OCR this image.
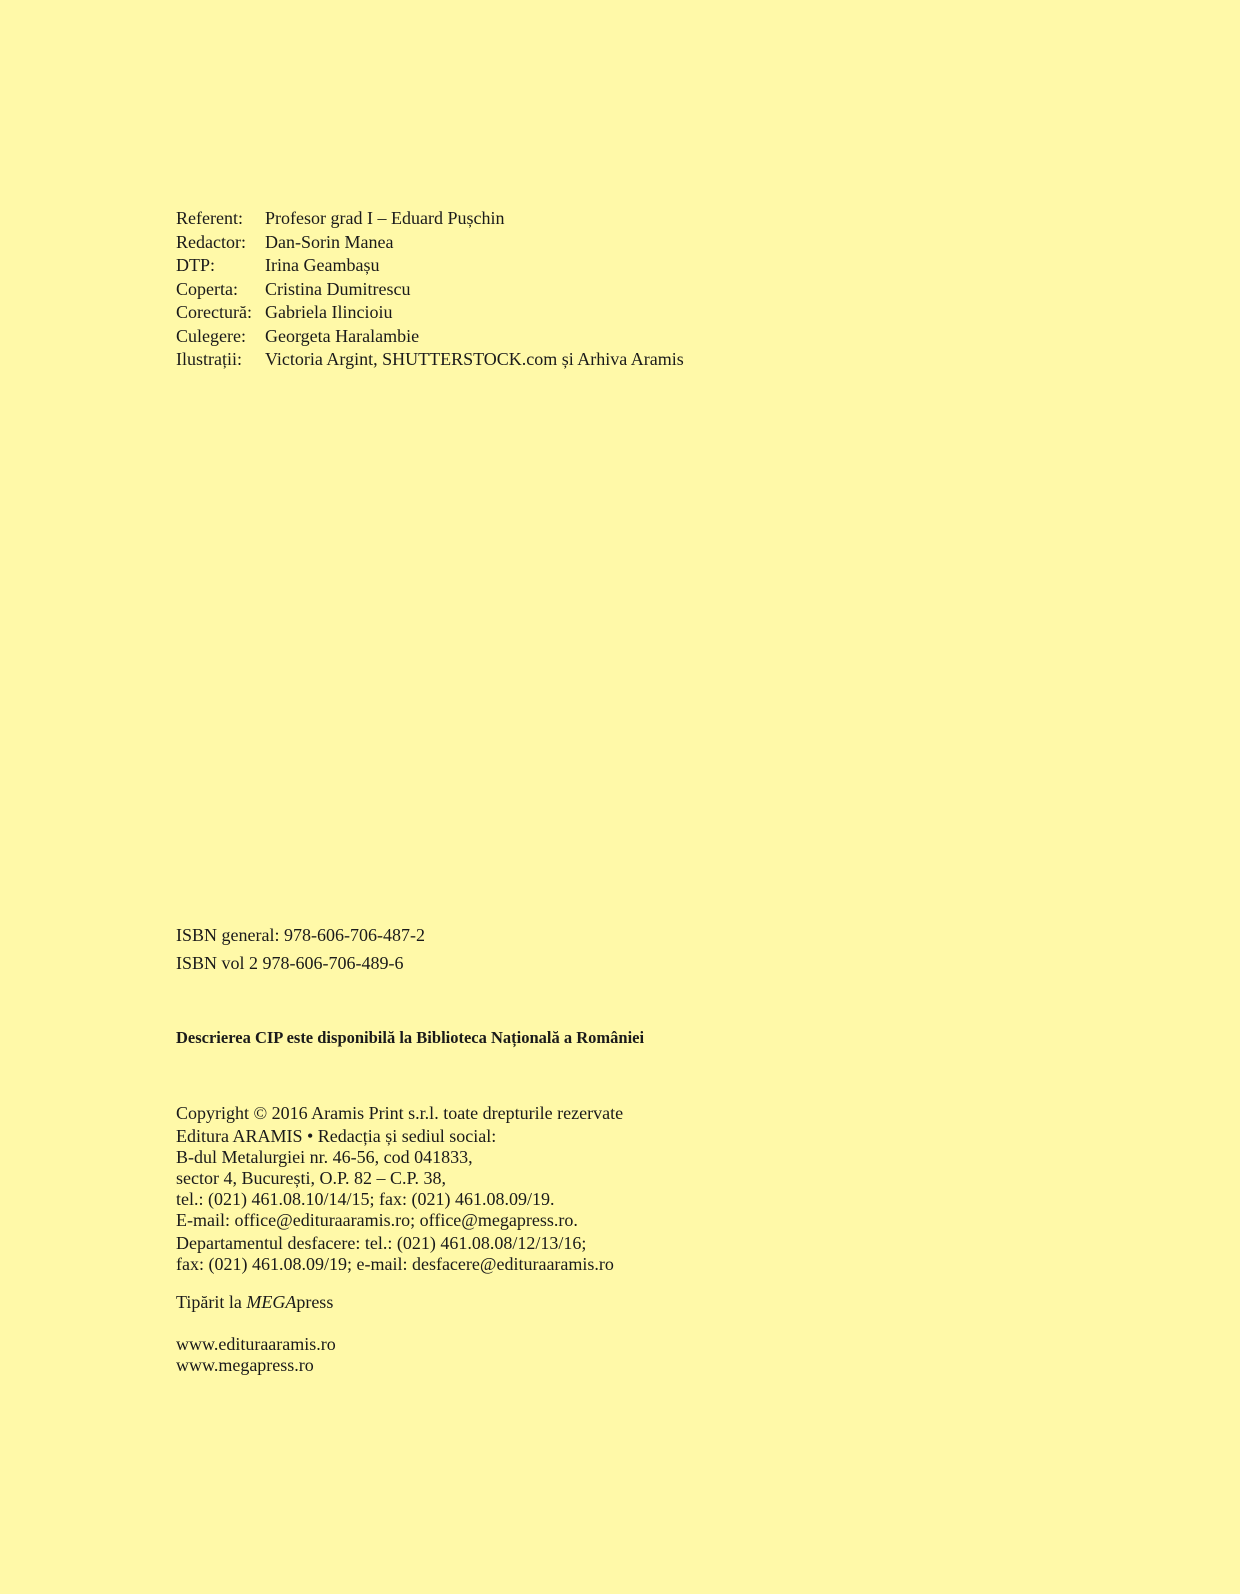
Referent:	Profesor grad I – Eduard Pușchin
Redactor:	Dan-Sorin Manea
DTP:	Irina Geambașu
Coperta:	Cristina Dumitrescu
Corectură: Gabriela Ilincioiu
Culegere:	Georgeta Haralambie
Ilustrații:	Victoria Argint, SHUTTERSTOCK.com și Arhiva Aramis
ISBN general: 978-606-706-487-2
ISBN vol 2 978-606-706-489-6
Descrierea CIP este disponibilă la Biblioteca Națională a României
Copyright © 2016 Aramis Print s.r.l. toate drepturile rezervate
Editura ARAMIS • Redacția și sediul social:
B-dul Metalurgiei nr. 46-56, cod 041833,
sector 4, București, O.P. 82 – C.P. 38,
tel.: (021) 461.08.10/14/15; fax: (021) 461.08.09/19.
E-mail: office@edituraaramis.ro; office@megapress.ro.
Departamentul desfacere: tel.: (021) 461.08.08/12/13/16;
fax: (021) 461.08.09/19; e-mail: desfacere@edituraaramis.ro
Tipărit la MEGApress
www.edituraaramis.ro
www.megapress.ro
